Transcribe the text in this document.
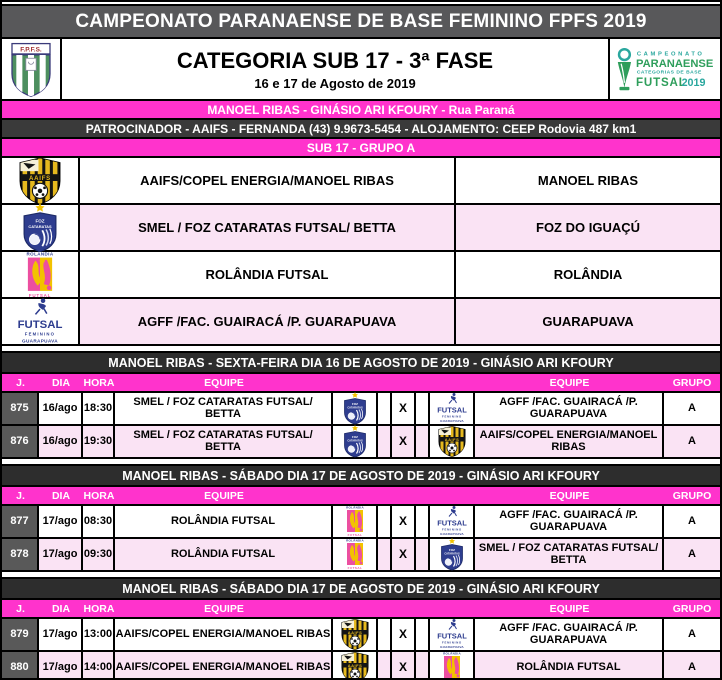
CAMPEONATO PARANAENSE DE BASE FEMININO FPFS 2019
CATEGORIA SUB 17 - 3ª FASE
16 e 17 de Agosto de 2019
MANOEL RIBAS - GINÁSIO ARI KFOURY - Rua Paraná
PATROCINADOR - AAIFS - FERNANDA (43) 9.9673-5454 - ALOJAMENTO: CEEP Rodovia 487 km1
SUB 17 - GRUPO A
AAIFS/COPEL ENERGIA/MANOEL RIBAS	MANOEL RIBAS
SMEL / FOZ CATARATAS FUTSAL/ BETTA	FOZ DO IGUAÇÚ
ROLÂNDIA FUTSAL	ROLÂNDIA
AGFF /FAC. GUAIRACÁ /P. GUARAPUAVA	GUARAPUAVA
MANOEL RIBAS - SEXTA-FEIRA DIA 16 DE AGOSTO DE 2019 - GINÁSIO ARI KFOURY
J.	DIA	HORA	EQUIPE	EQUIPE	GRUPO
875	16/ago 18:30	SMEL / FOZ CATARATAS FUTSAL/ BETTA	X	AGFF /FAC. GUAIRACÁ /P. GUARAPUAVA	A
876	16/ago 19:30	SMEL / FOZ CATARATAS FUTSAL/ BETTA	X	AAIFS/COPEL ENERGIA/MANOEL RIBAS	A
MANOEL RIBAS - SÁBADO DIA 17 DE AGOSTO DE 2019 - GINÁSIO ARI KFOURY
J.	DIA	HORA	EQUIPE	EQUIPE	GRUPO
877	17/ago 08:30	ROLÂNDIA FUTSAL	X	AGFF /FAC. GUAIRACÁ /P. GUARAPUAVA	A
878	17/ago 09:30	ROLÂNDIA FUTSAL	X	SMEL / FOZ CATARATAS FUTSAL/ BETTA	A
MANOEL RIBAS - SÁBADO DIA 17 DE AGOSTO DE 2019 - GINÁSIO ARI KFOURY
J.	DIA	HORA	EQUIPE	EQUIPE	GRUPO
879	17/ago 13:00 AAIFS/COPEL ENERGIA/MANOEL RIBAS	X	AGFF /FAC. GUAIRACÁ /P. GUARAPUAVA	A
880	17/ago 14:00 AAIFS/COPEL ENERGIA/MANOEL RIBAS	X	ROLÂNDIA FUTSAL	A
